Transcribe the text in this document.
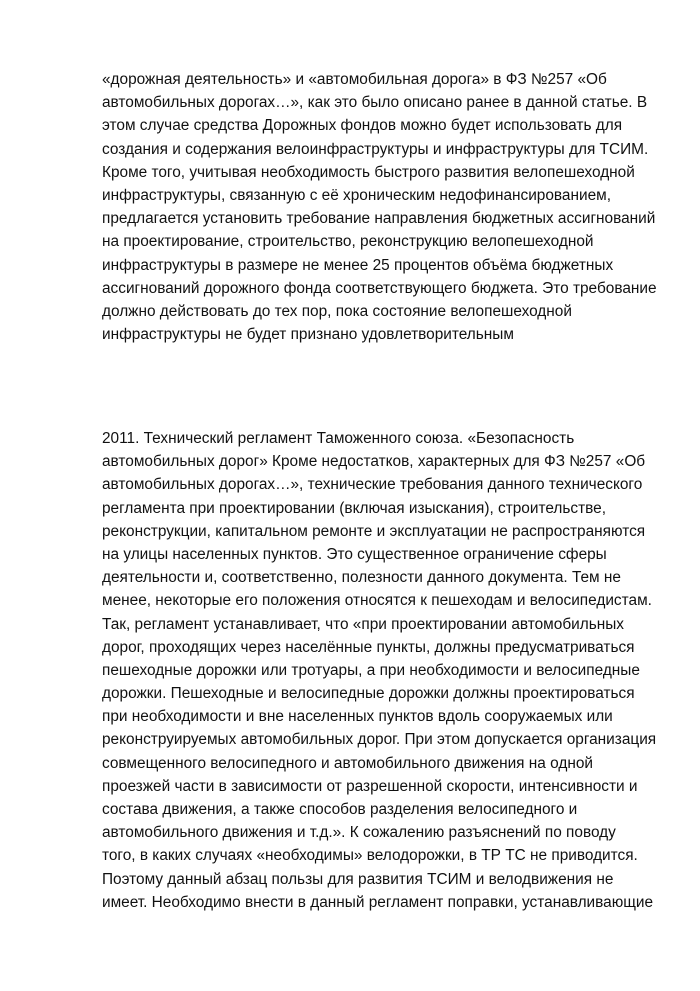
«дорожная деятельность» и «автомобильная дорога» в ФЗ №257 «Об
автомобильных дорогах…», как это было описано ранее в данной статье. В
этом случае средства Дорожных фондов можно будет использовать для
создания и содержания велоинфраструктуры и инфраструктуры для ТСИМ.
Кроме того, учитывая необходимость быстрого развития велопешеходной
инфраструктуры, связанную с её хроническим недофинансированием,
предлагается установить требование направления бюджетных ассигнований
на проектирование, строительство, реконструкцию велопешеходной
инфраструктуры в размере не менее 25 процентов объёма бюджетных
ассигнований дорожного фонда соответствующего бюджета. Это требование
должно действовать до тех пор, пока состояние велопешеходной
инфраструктуры не будет признано удовлетворительным

2011. Технический регламент Таможенного союза. «Безопасность
автомобильных дорог» Кроме недостатков, характерных для ФЗ №257 «Об
автомобильных дорогах…», технические требования данного технического
регламента при проектировании (включая изыскания), строительстве,
реконструкции, капитальном ремонте и эксплуатации не распространяются
на улицы населенных пунктов. Это существенное ограничение сферы
деятельности и, соответственно, полезности данного документа. Тем не
менее, некоторые его положения относятся к пешеходам и велосипедистам.
Так, регламент устанавливает, что «при проектировании автомобильных
дорог, проходящих через населённые пункты, должны предусматриваться
пешеходные дорожки или тротуары, а при необходимости и велосипедные
дорожки. Пешеходные и велосипедные дорожки должны проектироваться
при необходимости и вне населенных пунктов вдоль сооружаемых или
реконструируемых автомобильных дорог. При этом допускается организация
совмещенного велосипедного и автомобильного движения на одной
проезжей части в зависимости от разрешенной скорости, интенсивности и
состава движения, а также способов разделения велосипедного и
автомобильного движения и т.д.». К сожалению разъяснений по поводу
того, в каких случаях «необходимы» велодорожки, в ТР ТС не приводится.
Поэтому данный абзац пользы для развития ТСИМ и велодвижения не
имеет. Необходимо внести в данный регламент поправки, устанавливающие
